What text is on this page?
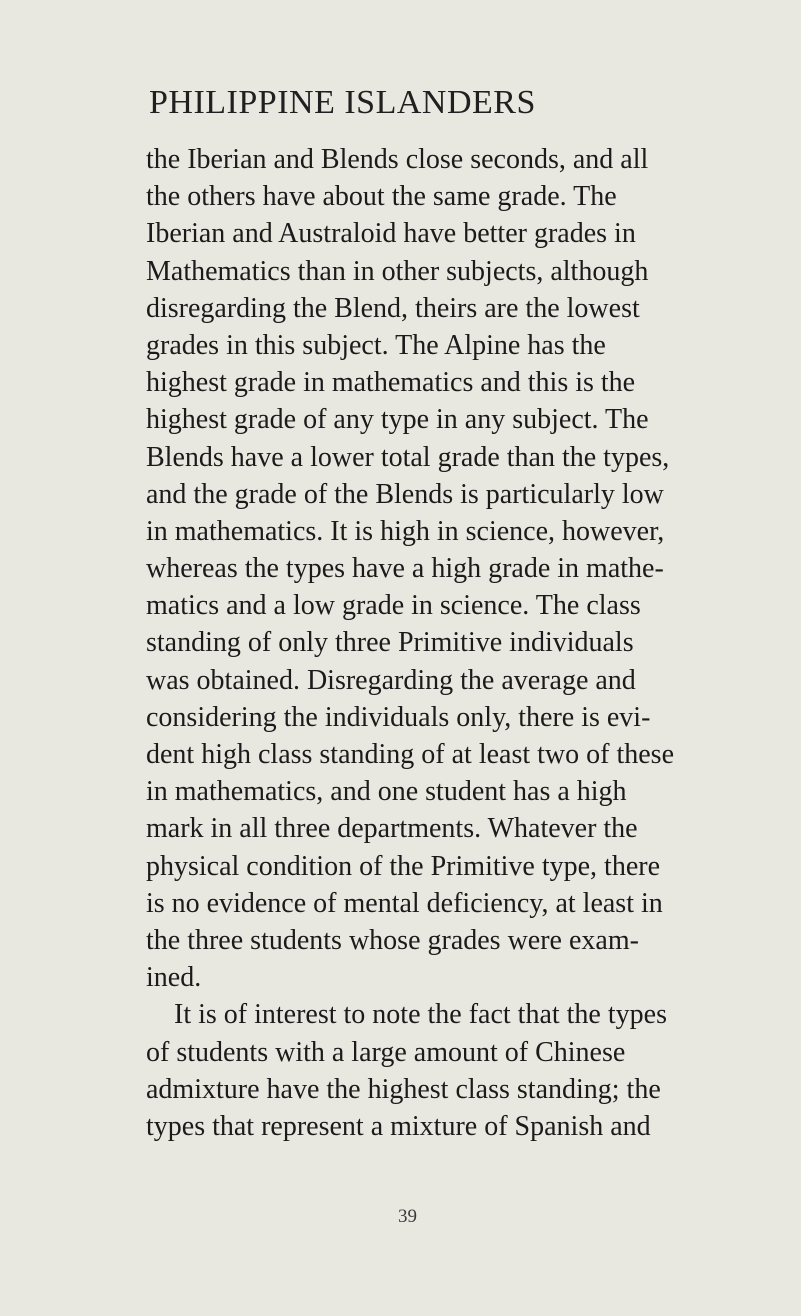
PHILIPPINE ISLANDERS
the Iberian and Blends close seconds, and all
the others have about the same grade. The
Iberian and Australoid have better grades in
Mathematics than in other subjects, although
disregarding the Blend, theirs are the lowest
grades in this subject. The Alpine has the
highest grade in mathematics and this is the
highest grade of any type in any subject. The
Blends have a lower total grade than the types,
and the grade of the Blends is particularly low
in mathematics. It is high in science, however,
whereas the types have a high grade in mathe-
matics and a low grade in science. The class
standing of only three Primitive individuals
was obtained. Disregarding the average and
considering the individuals only, there is evi-
dent high class standing of at least two of these
in mathematics, and one student has a high
mark in all three departments. Whatever the
physical condition of the Primitive type, there
is no evidence of mental deficiency, at least in
the three students whose grades were exam-
ined.
It is of interest to note the fact that the types
of students with a large amount of Chinese
admixture have the highest class standing; the
types that represent a mixture of Spanish and
39
